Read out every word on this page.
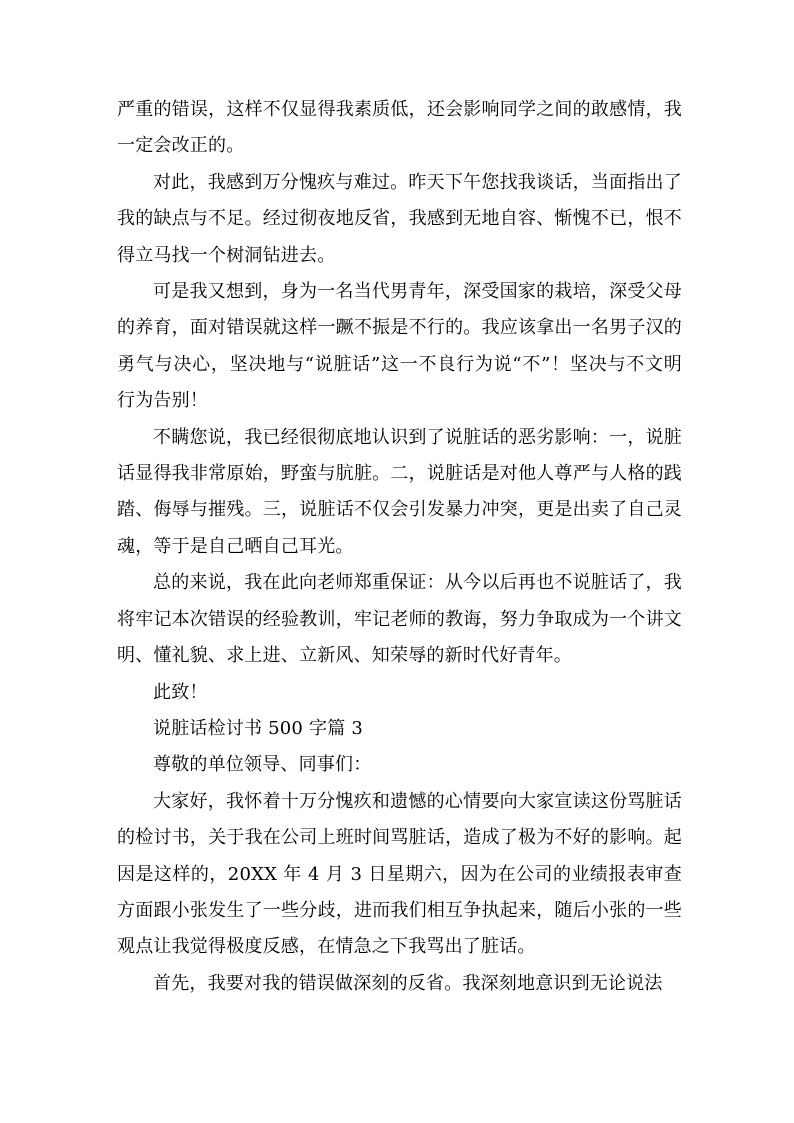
严重的错误，这样不仅显得我素质低，还会影响同学之间的敢感情，我一定会改正的。

对此，我感到万分愧疚与难过。昨天下午您找我谈话，当面指出了我的缺点与不足。经过彻夜地反省，我感到无地自容、惭愧不已，恨不得立马找一个树洞钻进去。

可是我又想到，身为一名当代男青年，深受国家的栽培，深受父母的养育，面对错误就这样一蹶不振是不行的。我应该拿出一名男子汉的勇气与决心，坚决地与“说脏话”这一不良行为说“不”！坚决与不文明行为告别！

不瞒您说，我已经很彻底地认识到了说脏话的恶劣影响：一，说脏话显得我非常原始，野蛮与肮脏。二，说脏话是对他人尊严与人格的践踏、侮辱与摧残。三，说脏话不仅会引发暴力冲突，更是出卖了自己灵魂，等于是自己晒自己耳光。

总的来说，我在此向老师郑重保证：从今以后再也不说脏话了，我将牢记本次错误的经验教训，牢记老师的教诲，努力争取成为一个讲文明、懂礼貌、求上进、立新风、知荣辱的新时代好青年。

此致！

说脏话检讨书 500 字篇 3

尊敬的单位领导、同事们：

大家好，我怀着十万分愧疚和遗憾的心情要向大家宣读这份骂脏话的检讨书，关于我在公司上班时间骂脏话，造成了极为不好的影响。起因是这样的，20XX 年 4 月 3 日星期六，因为在公司的业绩报表审查方面跟小张发生了一些分歧，进而我们相互争执起来，随后小张的一些观点让我觉得极度反感，在情急之下我骂出了脏话。

首先，我要对我的错误做深刻的反省。我深刻地意识到无论说法
